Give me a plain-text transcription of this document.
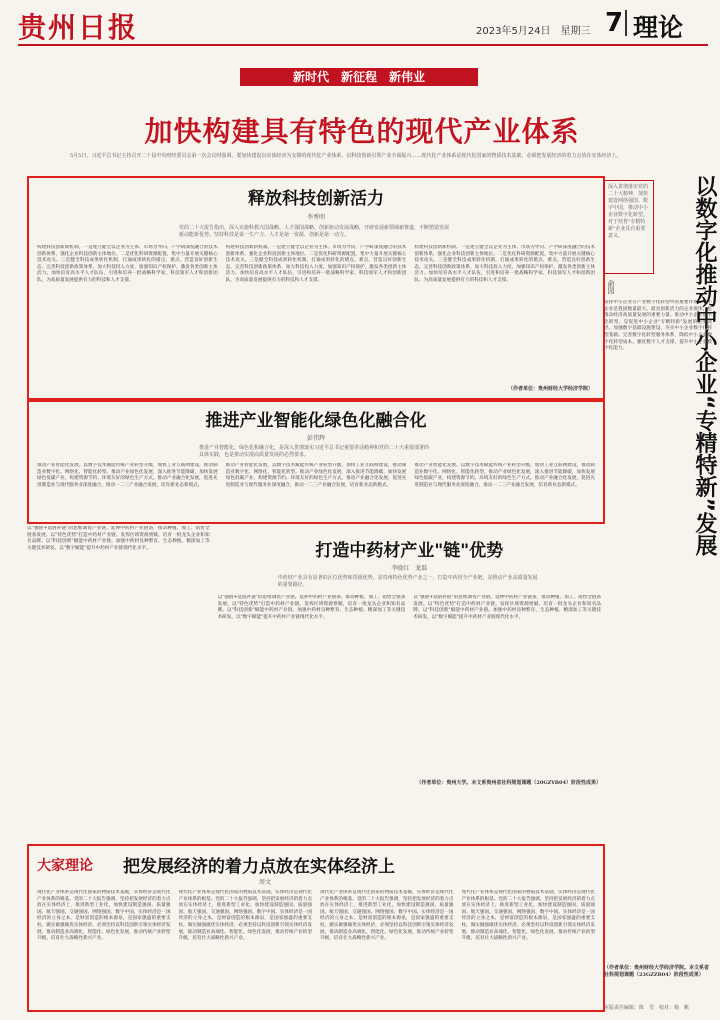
贵州日报	2023年5月24日　星期三 7 理论
新时代　新征程　新伟业
加快构建具有特色的现代产业体系
5月5日，习近平总书记主持召开二十届中央财经委员会第一次会议时强调，要加快建设以实体经济为支撑的现代化产业体系，以科技创新引领产业全面振兴……现代化产业体系是现代化国家的物质技术基础，必须把发展经济的着力点放在实体经济上。
释放科技创新活力
李秀明
党的二十大报告指出，深入实施科教兴国战略、人才强国战略、创新驱动发展战略，开辟发展新领域新赛道，不断塑造发展新动能新优势。坚持科技是第一生产力、人才是第一资源、创新是第一动力。
构建科技创新新机制。一是建立健全以企业为主体、市场为导向、产学研深度融合的技术创新体系，强化企业科技创新主体地位。二是优化科研资源配置，集中力量开展关键核心技术攻关。三是健全科技成果转化机制，打通成果转化的堵点、难点。营造良好创新生态，完善科技创新政策体系，加大科技投入力度，加强知识产权保护，激发各类创新主体活力。加快培育高水平人才队伍，引进和培养一批战略科学家、科技领军人才和创新团队，为高质量发展提供有力的科技和人才支撑。
构建科技创新新机制。一是建立健全以企业为主体、市场为导向、产学研深度融合的技术创新体系，强化企业科技创新主体地位。二是优化科研资源配置，集中力量开展关键核心技术攻关。三是健全科技成果转化机制，打通成果转化的堵点、难点。营造良好创新生态，完善科技创新政策体系，加大科技投入力度，加强知识产权保护，激发各类创新主体活力。加快培育高水平人才队伍，引进和培养一批战略科学家、科技领军人才和创新团队，为高质量发展提供有力的科技和人才支撑。
构建科技创新新机制。一是建立健全以企业为主体、市场为导向、产学研深度融合的技术创新体系，强化企业科技创新主体地位。二是优化科研资源配置，集中力量开展关键核心技术攻关。三是健全科技成果转化机制，打通成果转化的堵点、难点。营造良好创新生态，完善科技创新政策体系，加大科技投入力度，加强知识产权保护，激发各类创新主体活力。加快培育高水平人才队伍，引进和培养一批战略科学家、科技领军人才和创新团队，为高质量发展提供有力的科技和人才支撑。
（作者单位：贵州财经大学经济学院）
推进产业智能化绿色化融合化
彭伟辉
推进产业智能化、绿色化和融合化，是深入贯彻落实习近平总书记重要讲话精神和党的二十大重要部署的具体实践，也是推动实现高质量发展的必然要求。
推动产业智能化发展。以数字技术赋能传统产业转型升级，加快工业互联网建设，推动制造业数字化、网络化、智能化转型。推动产业绿色化发展，深入推进节能降碳，加快发展绿色低碳产业，构建资源节约、环境友好的绿色生产方式。推动产业融合化发展，促进先进制造业与现代服务业深度融合，推动一二三产业融合发展，培育新业态新模式。
推动产业智能化发展。以数字技术赋能传统产业转型升级，加快工业互联网建设，推动制造业数字化、网络化、智能化转型。推动产业绿色化发展，深入推进节能降碳，加快发展绿色低碳产业，构建资源节约、环境友好的绿色生产方式。推动产业融合化发展，促进先进制造业与现代服务业深度融合，推动一二三产业融合发展，培育新业态新模式。
推动产业智能化发展。以数字技术赋能传统产业转型升级，加快工业互联网建设，推动制造业数字化、网络化、智能化转型。推动产业绿色化发展，深入推进节能降碳，加快发展绿色低碳产业，构建资源节约、环境友好的绿色生产方式。推动产业融合化发展，促进先进制造业与现代服务业深度融合，推动一二三产业融合发展，培育新业态新模式。
以"强链+延链补链"的思维调优产业链。延伸中药材产业链条，推动种植、加工、销售全链条发展。以"特色优势"打造中药材产业链。发挥区域资源禀赋，培育一批龙头企业和知名品牌。以"科技创新"赋能中药材产业链。加强中药材良种繁育、生态种植、精深加工等关键技术研发。以"数字赋能"提升中药材产业链现代化水平。	打造中药材产业"链"优势
李晓红　龙磊
中药材产业具有显著的区位优势和资源优势，是贵州特色优势产业之一。打造中药材全产业链，是推动产业高质量发展的重要路径。
以"强链+延链补链"的思维调优产业链。延伸中药材产业链条，推动种植、加工、销售全链条发展。以"特色优势"打造中药材产业链。发挥区域资源禀赋，培育一批龙头企业和知名品牌。以"科技创新"赋能中药材产业链。加强中药材良种繁育、生态种植、精深加工等关键技术研发。以"数字赋能"提升中药材产业链现代化水平。
以"强链+延链补链"的思维调优产业链。延伸中药材产业链条，推动种植、加工、销售全链条发展。以"特色优势"打造中药材产业链。发挥区域资源禀赋，培育一批龙头企业和知名品牌。以"科技创新"赋能中药材产业链。加强中药材良种繁育、生态种植、精深加工等关键技术研发。以"数字赋能"提升中药材产业链现代化水平。
（作者单位：贵州大学。本文系贵州省社科规划课题（20GZYB04）阶段性成果）
大家理论 把发展经济的着力点放在实体经济上
周文
现代化产业体系是现代化国家的物质技术基础，实体经济是现代化产业体系的根基。党的二十大报告强调，坚持把发展经济的着力点放在实体经济上，推进新型工业化，加快建设制造强国、质量强国、航天强国、交通强国、网络强国、数字中国。实体经济是一国经济的立身之本，是财富创造的根本源泉，是国家强盛的重要支柱。做实做强做优实体经济，必须坚持以科技创新引领实体经济发展，推动制造业高端化、智能化、绿色化发展，推动传统产业转型升级，培育壮大战略性新兴产业。
现代化产业体系是现代化国家的物质技术基础，实体经济是现代化产业体系的根基。党的二十大报告强调，坚持把发展经济的着力点放在实体经济上，推进新型工业化，加快建设制造强国、质量强国、航天强国、交通强国、网络强国、数字中国。实体经济是一国经济的立身之本，是财富创造的根本源泉，是国家强盛的重要支柱。做实做强做优实体经济，必须坚持以科技创新引领实体经济发展，推动制造业高端化、智能化、绿色化发展，推动传统产业转型升级，培育壮大战略性新兴产业。
现代化产业体系是现代化国家的物质技术基础，实体经济是现代化产业体系的根基。党的二十大报告强调，坚持把发展经济的着力点放在实体经济上，推进新型工业化，加快建设制造强国、质量强国、航天强国、交通强国、网络强国、数字中国。实体经济是一国经济的立身之本，是财富创造的根本源泉，是国家强盛的重要支柱。做实做强做优实体经济，必须坚持以科技创新引领实体经济发展，推动制造业高端化、智能化、绿色化发展，推动传统产业转型升级，培育壮大战略性新兴产业。
现代化产业体系是现代化国家的物质技术基础，实体经济是现代化产业体系的根基。党的二十大报告强调，坚持把发展经济的着力点放在实体经济上，推进新型工业化，加快建设制造强国、质量强国、航天强国、交通强国、网络强国、数字中国。实体经济是一国经济的立身之本，是财富创造的根本源泉，是国家强盛的重要支柱。做实做强做优实体经济，必须坚持以科技创新引领实体经济发展，推动制造业高端化、智能化、绿色化发展，推动传统产业转型升级，培育壮大战略性新兴产业。
以数字化推动中小企业“专精特新”发展
深入贯彻落实党的二十大精神，加快建设网络强国、数字中国，推动中小企业数字化转型，对于培育"专精特新"企业具有重要意义。
俞园
发挥中小企业在产业数字化转型中的重要作用。中小企业是我国数量最大、最具创新活力的企业群体，是推动经济高质量发展的重要力量。推动中小企业数字化转型，是促进中小企业"专精特新"发展的重要途径。加强数字基础设施建设，夯实中小企业数字化转型基础。完善数字化转型服务体系，降低中小企业数字化转型成本。强化数字人才支撑，提升中小企业数字化能力。
（作者单位：贵州财经大学经济学院。本文系省社科规划课题（23GZZB04）阶段性成果）
本版责任编辑：陈　雪　校对：杨　帆
